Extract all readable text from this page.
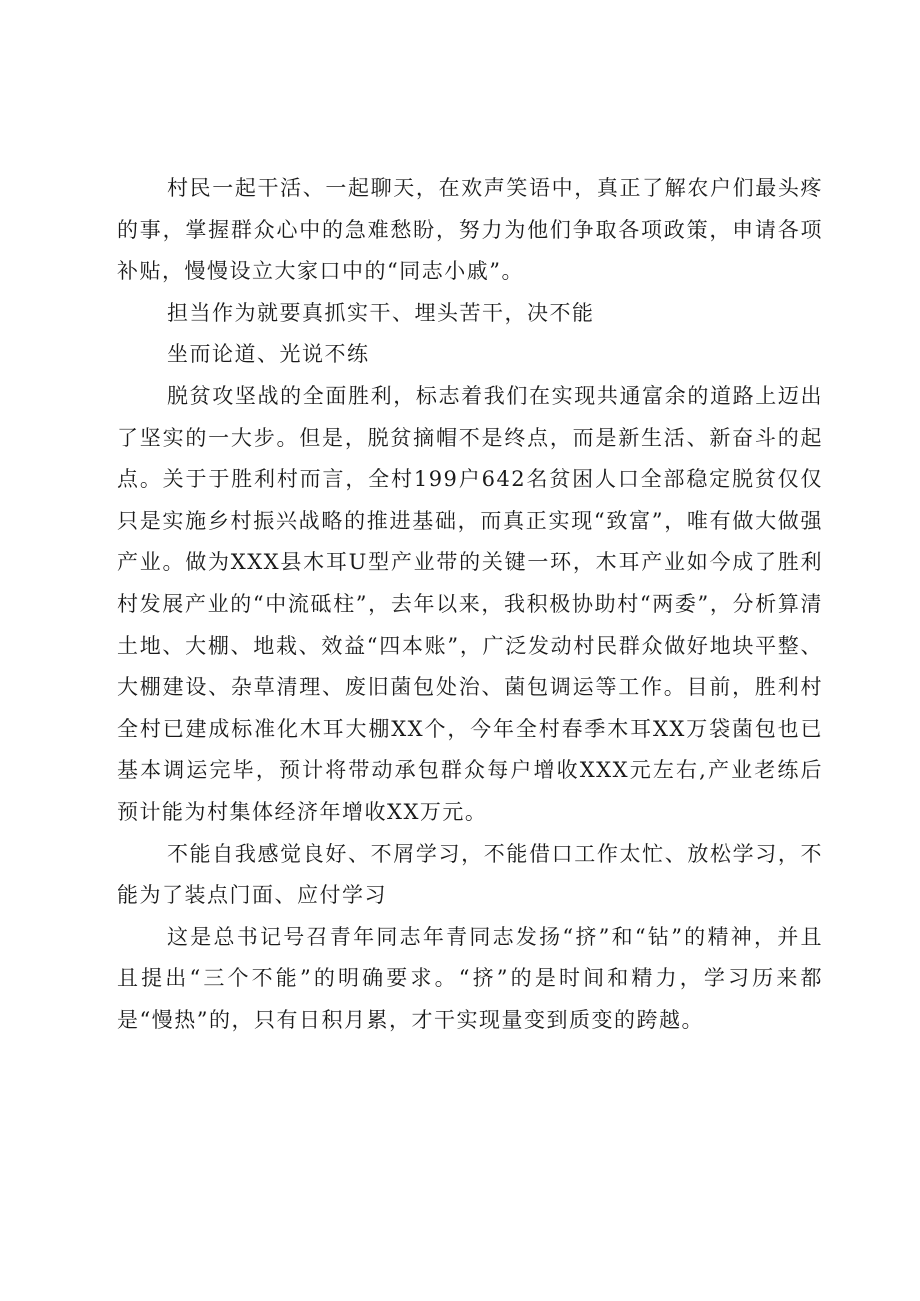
村民一起干活、一起聊天，在欢声笑语中，真正了解农户们最头疼的事，掌握群众心中的急难愁盼，努力为他们争取各项政策，申请各项补贴，慢慢设立大家口中的“同志小戚”。

担当作为就要真抓实干、埋头苦干，决不能

坐而论道、光说不练

脱贫攻坚战的全面胜利，标志着我们在实现共通富余的道路上迈出了坚实的一大步。但是，脱贫摘帽不是终点，而是新生活、新奋斗的起点。关于于胜利村而言，全村199户642名贫困人口全部稳定脱贫仅仅只是实施乡村振兴战略的推进基础，而真正实现“致富”，唯有做大做强产业。做为XXX县木耳U型产业带的关键一环，木耳产业如今成了胜利村发展产业的“中流砥柱”，去年以来，我积极协助村“两委”，分析算清土地、大棚、地栽、效益“四本账”，广泛发动村民群众做好地块平整、大棚建设、杂草清理、废旧菌包处治、菌包调运等工作。目前，胜利村全村已建成标准化木耳大棚XX个，今年全村春季木耳XX万袋菌包也已基本调运完毕，预计将带动承包群众每户增收XXX元左右,产业老练后预计能为村集体经济年增收XX万元。

不能自我感觉良好、不屑学习，不能借口工作太忙、放松学习，不能为了装点门面、应付学习

这是总书记号召青年同志年青同志发扬“挤”和“钻”的精神，并且且提出“三个不能”的明确要求。“挤”的是时间和精力，学习历来都是“慢热”的，只有日积月累，才干实现量变到质变的跨越。
